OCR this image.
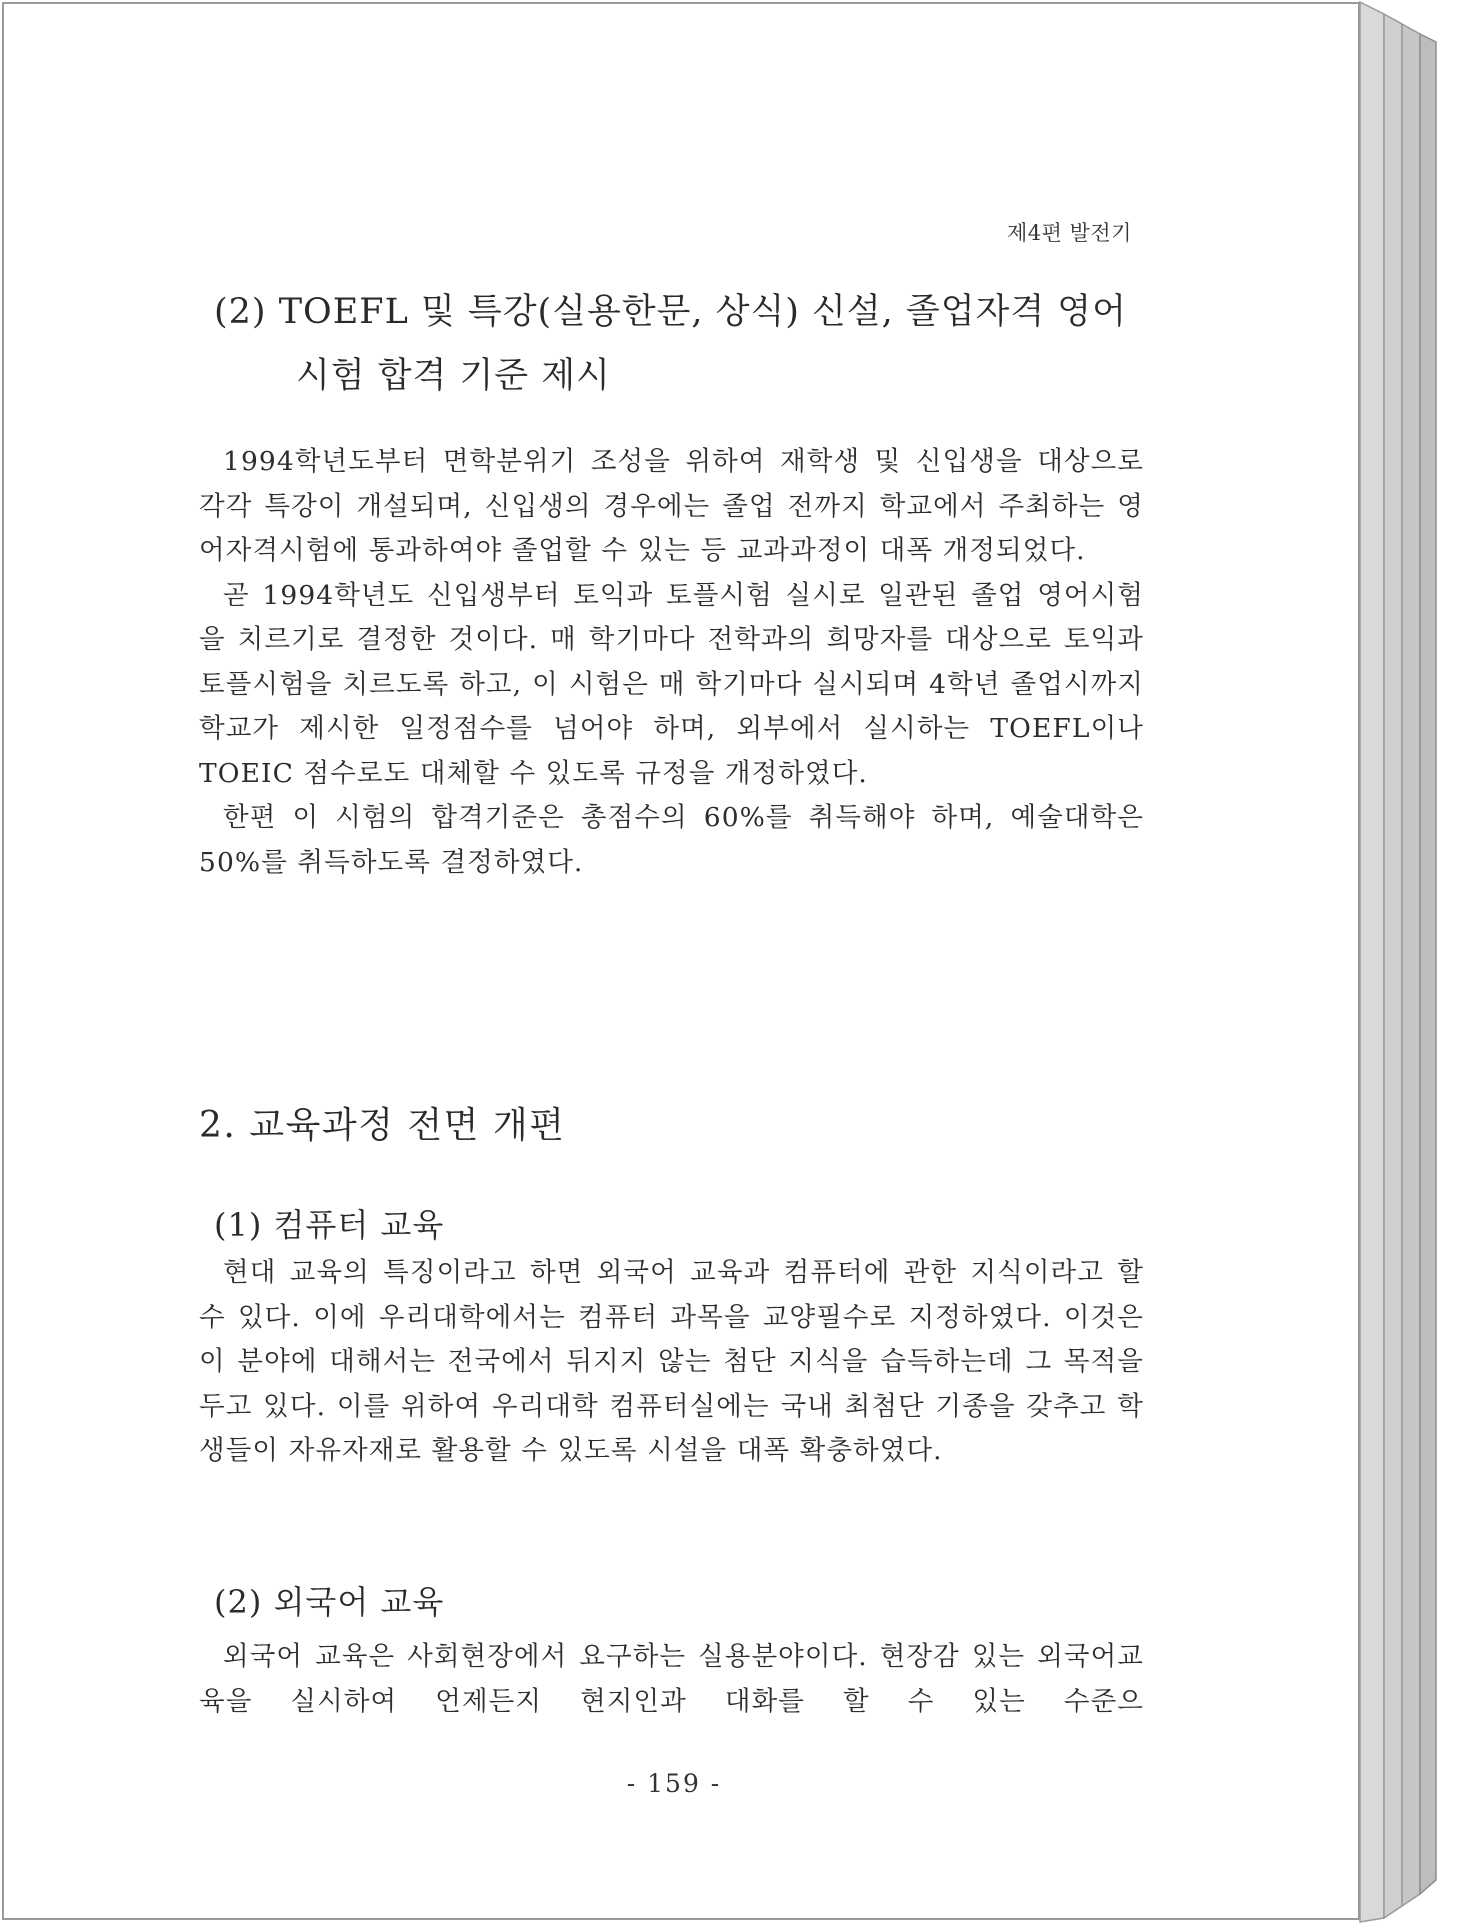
제4편 발전기
(2) TOEFL 및 특강(실용한문, 상식) 신설, 졸업자격 영어
시험 합격 기준 제시

1994학년도부터 면학분위기 조성을 위하여 재학생 및 신입생을 대상으로 각각 특강이 개설되며, 신입생의 경우에는 졸업 전까지 학교에서 주최하는 영어자격시험에 통과하여야 졸업할 수 있는 등 교과과정이 대폭 개정되었다.

곧 1994학년도 신입생부터 토익과 토플시험 실시로 일관된 졸업 영어시험을 치르기로 결정한 것이다. 매 학기마다 전학과의 희망자를 대상으로 토익과 토플시험을 치르도록 하고, 이 시험은 매 학기마다 실시되며 4학년 졸업시까지 학교가 제시한 일정점수를 넘어야 하며, 외부에서 실시하는 TOEFL이나 TOEIC 점수로도 대체할 수 있도록 규정을 개정하였다.

한편 이 시험의 합격기준은 총점수의 60%를 취득해야 하며, 예술대학은 50%를 취득하도록 결정하였다.

2. 교육과정 전면 개편
(1) 컴퓨터 교육

현대 교육의 특징이라고 하면 외국어 교육과 컴퓨터에 관한 지식이라고 할 수 있다. 이에 우리대학에서는 컴퓨터 과목을 교양필수로 지정하였다. 이것은 이 분야에 대해서는 전국에서 뒤지지 않는 첨단 지식을 습득하는데 그 목적을 두고 있다. 이를 위하여 우리대학 컴퓨터실에는 국내 최첨단 기종을 갖추고 학생들이 자유자재로 활용할 수 있도록 시설을 대폭 확충하였다.

(2) 외국어 교육

외국어 교육은 사회현장에서 요구하는 실용분야이다. 현장감 있는 외국어교육을 실시하여 언제든지 현지인과 대화를 할 수 있는 수준으

- 159 -
